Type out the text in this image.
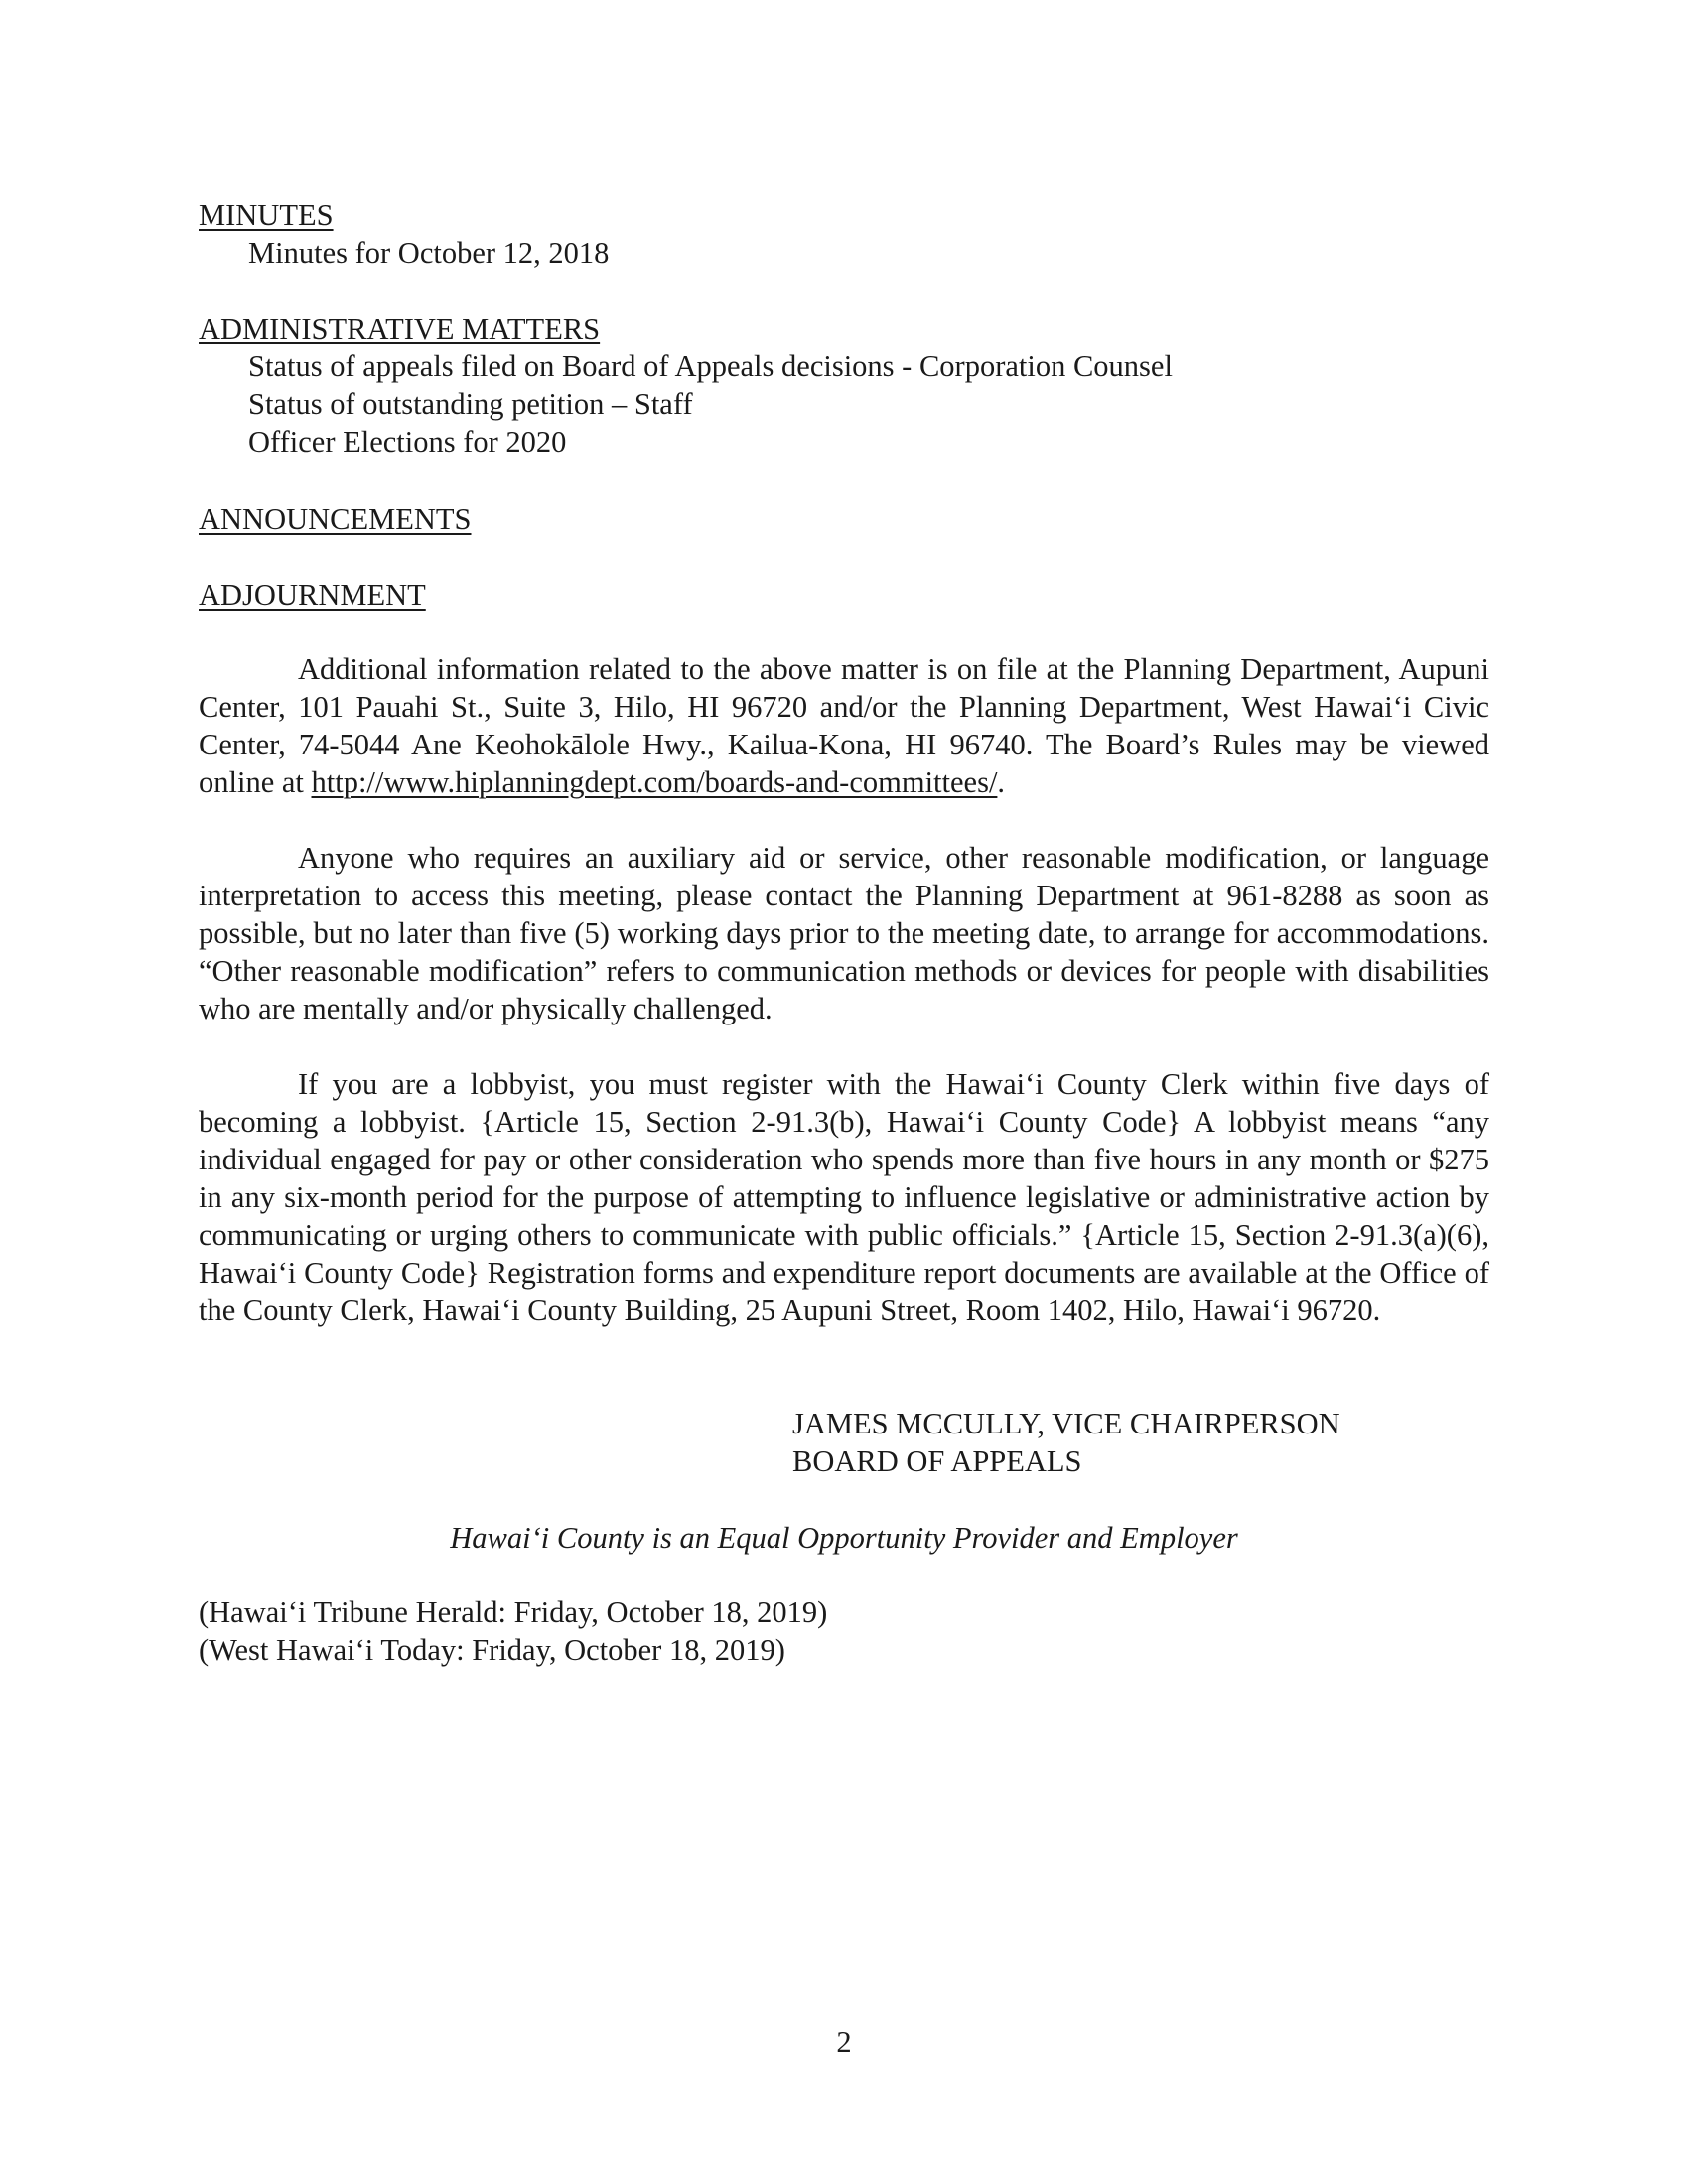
MINUTES
Minutes for October 12, 2018
ADMINISTRATIVE MATTERS
Status of appeals filed on Board of Appeals decisions - Corporation Counsel
Status of outstanding petition – Staff
Officer Elections for 2020
ANNOUNCEMENTS
ADJOURNMENT
Additional information related to the above matter is on file at the Planning Department, Aupuni Center, 101 Pauahi St., Suite 3, Hilo, HI 96720 and/or the Planning Department, West Hawai‘i Civic Center, 74-5044 Ane Keohokālole Hwy., Kailua-Kona, HI 96740. The Board’s Rules may be viewed online at http://www.hiplanningdept.com/boards-and-committees/.
Anyone who requires an auxiliary aid or service, other reasonable modification, or language interpretation to access this meeting, please contact the Planning Department at 961-8288 as soon as possible, but no later than five (5) working days prior to the meeting date, to arrange for accommodations. “Other reasonable modification” refers to communication methods or devices for people with disabilities who are mentally and/or physically challenged.
If you are a lobbyist, you must register with the Hawai‘i County Clerk within five days of becoming a lobbyist. {Article 15, Section 2-91.3(b), Hawai‘i County Code} A lobbyist means “any individual engaged for pay or other consideration who spends more than five hours in any month or $275 in any six-month period for the purpose of attempting to influence legislative or administrative action by communicating or urging others to communicate with public officials.” {Article 15, Section 2-91.3(a)(6), Hawai‘i County Code} Registration forms and expenditure report documents are available at the Office of the County Clerk, Hawai‘i County Building, 25 Aupuni Street, Room 1402, Hilo, Hawai‘i 96720.
JAMES MCCULLY, VICE CHAIRPERSON
BOARD OF APPEALS
Hawai‘i County is an Equal Opportunity Provider and Employer
(Hawai‘i Tribune Herald: Friday, October 18, 2019)
(West Hawai‘i Today: Friday, October 18, 2019)
2
